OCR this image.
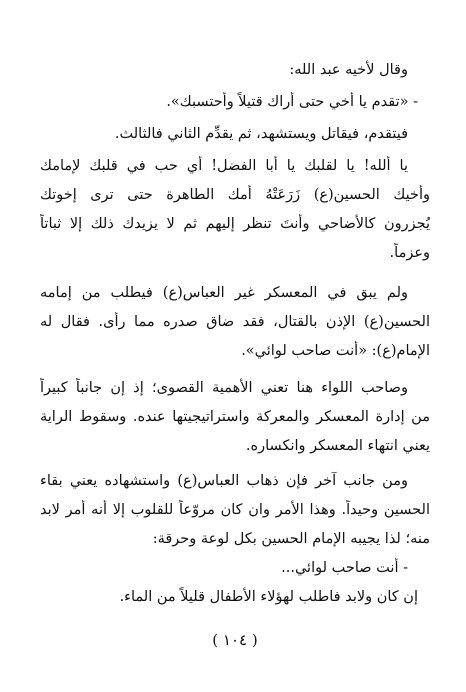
وقال لأخيه عبد الله:
- «تقدم يا أخي حتى أراك قتيلاً وأحتسبك».
فيتقدم، فيقاتل ويستشهد، ثم يقدِّم الثاني فالثالث.
يا ألله! يا لقلبك يا أبا الفضل! أي حب في قلبك لإمامك
وأخيك الحسين(ع) زَرَعَتْهُ أمك الطاهرة حتى ترى إخوتك
يُجزرون كالأضاحي وأنتَ تنظر إليهم ثم لا يزيدك ذلك إلا ثباتاً
وعزماً.
ولم يبق في المعسكر غير العباس(ع) فيطلب من إمامه
الحسين(ع) الإذن بالقتال، فقد ضاق صدره مما رأى. فقال له
الإمام(ع): «أنت صاحب لوائي».
وصاحب اللواء هنا تعني الأهمية القصوى؛ إذ إن جانباً كبيراً
من إدارة المعسكر والمعركة واستراتيجيتها عنده. وسقوط الراية
يعني انتهاء المعسكر وانكساره.
ومن جانب آخر فإن ذهاب العباس(ع) واستشهاده يعني بقاء
الحسين وحيداً. وهذا الأمر وان كان مروّعاً للقلوب إلا أنه أمر لابد
منه؛ لذا يجيبه الإمام الحسين بكل لوعة وحرقة:
- أنت صاحب لوائي...
إن كان ولابد فاطلب لهؤلاء الأطفال قليلاً من الماء.
( ١٠٤ )
